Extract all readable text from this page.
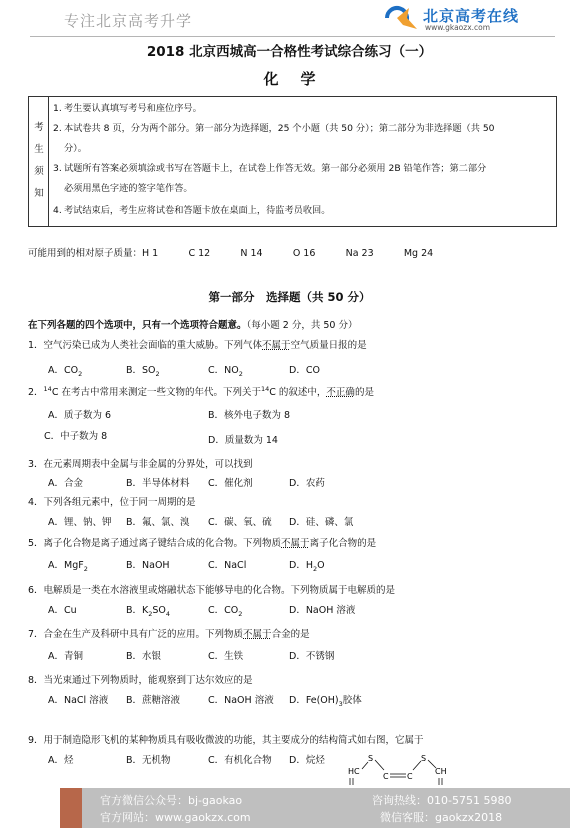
专注北京高考升学	北京高考在线
www.gkaozx.com
2018 北京西城高一合格性考试综合练习（一）
化学
考
生
须
知
1. 考生要认真填写考号和座位序号。
2. 本试卷共 8 页，分为两个部分。第一部分为选择题，25 个小题（共 50 分）；第二部分为非选择题（共 50
分）。
3. 试题所有答案必须填涂或书写在答题卡上，在试卷上作答无效。第一部分必须用 2B 铅笔作答；第二部分
必须用黑色字迹的签字笔作答。
4. 考试结束后，考生应将试卷和答题卡放在桌面上，待监考员收回。
可能用到的相对原子质量：H 1	C 12	N 14	O 16	Na 23	Mg 24
第一部分　选择题（共 50 分）
在下列各题的四个选项中，只有一个选项符合题意。（每小题 2 分，共 50 分）
1．空气污染已成为人类社会面临的重大威胁。下列气体不属于空气质量日报的是
A．$CO_2$	B．$SO_2$	C．$NO_2$	D．CO
2．$^{14}$C 在考古中常用来测定一些文物的年代。下列关于$^{14}$C 的叙述中，不正确的是
A．质子数为 6	B．核外电子数为 8
C．中子数为 8	D．质量数为 14
3．在元素周期表中金属与非金属的分界处，可以找到
A．合金	B．半导体材料 C．催化剂	D．农药
4．下列各组元素中，位于同一周期的是
A．锂、钠、钾 B．氟、氯、溴 C．碳、氧、硫 D．硅、磷、氯
5．离子化合物是离子通过离子键结合成的化合物。下列物质不属于离子化合物的是
A．MgF$_2$	B．NaOH	C．NaCl	D．$H_2O$
6．电解质是一类在水溶液里或熔融状态下能够导电的化合物。下列物质属于电解质的是
A．Cu	B．$K_2SO_4$	C．$CO_2$	D．NaOH 溶液
7．合金在生产及科研中具有广泛的应用。下列物质不属于合金的是
A．青铜	B．水银	C．生铁	D．不锈钢
8．当光束通过下列物质时，能观察到丁达尔效应的是
A．NaCl 溶液 B．蔗糖溶液	C．NaOH 溶液 D．$Fe(OH)_3$胶体
9．用于制造隐形飞机的某种物质具有吸收微波的功能，其主要成分的结构简式如右图，它属于
A．烃	B．无机物	C．有机化合物 D．烷烃
HC
S
C C
S
CH
官方微信公众号：bj-gaokao
官方网站：www.gaokzx.com
咨询热线：010-5751 5980
微信客服：gaokzx2018
